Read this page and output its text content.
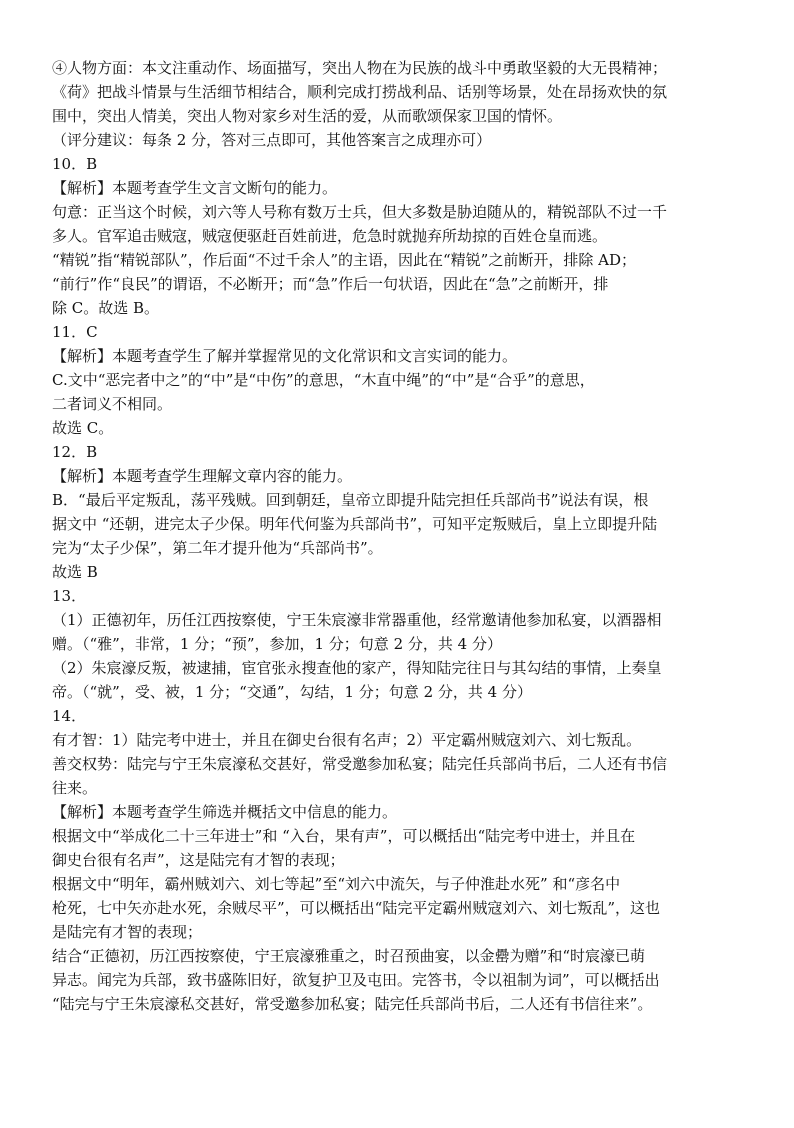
④人物方面：本文注重动作、场面描写，突出人物在为民族的战斗中勇敢坚毅的大无畏精神；
《荷》把战斗情景与生活细节相结合，顺利完成打捞战利品、话别等场景，处在昂扬欢快的氛
围中，突出人情美，突出人物对家乡对生活的爱，从而歌颂保家卫国的情怀。
（评分建议：每条 2 分，答对三点即可，其他答案言之成理亦可）
10．B
【解析】本题考查学生文言文断句的能力。
句意：正当这个时候，刘六等人号称有数万士兵，但大多数是胁迫随从的，精锐部队不过一千
多人。官军追击贼寇，贼寇便驱赶百姓前进，危急时就抛弃所劫掠的百姓仓皇而逃。
“精锐”指“精锐部队”，作后面“不过千余人”的主语，因此在“精锐”之前断开，排除 AD；
“前行”作“良民”的谓语，不必断开；而“急”作后一句状语，因此在“急”之前断开，排
除 C。故选 B。
11．C
【解析】本题考查学生了解并掌握常见的文化常识和文言实词的能力。
C.文中“恶完者中之”的“中”是“中伤”的意思，“木直中绳”的“中”是“合乎”的意思，
二者词义不相同。
故选 C。
12．B
【解析】本题考查学生理解文章内容的能力。
B．“最后平定叛乱，荡平残贼。回到朝廷，皇帝立即提升陆完担任兵部尚书”说法有误，根
据文中 “还朝，进完太子少保。明年代何鉴为兵部尚书”，可知平定叛贼后，皇上立即提升陆
完为“太子少保”，第二年才提升他为“兵部尚书”。
故选 B
13．
（1）正德初年，历任江西按察使，宁王朱宸濠非常器重他，经常邀请他参加私宴，以酒器相
赠。（“雅”，非常，1 分；“预”，参加，1 分；句意 2 分，共 4 分）
（2）朱宸濠反叛，被逮捕，宦官张永搜查他的家产，得知陆完往日与其勾结的事情，上奏皇
帝。（“就”，受、被，1 分；“交通”，勾结，1 分；句意 2 分，共 4 分）
14．
有才智：1）陆完考中进士，并且在御史台很有名声；2）平定霸州贼寇刘六、刘七叛乱。
善交权势：陆完与宁王朱宸濠私交甚好，常受邀参加私宴；陆完任兵部尚书后，二人还有书信
往来。
【解析】本题考查学生筛选并概括文中信息的能力。
根据文中“举成化二十三年进士”和 “入台，果有声”，可以概括出“陆完考中进士，并且在
御史台很有名声”，这是陆完有才智的表现；
根据文中“明年，霸州贼刘六、刘七等起”至“刘六中流矢，与子仲淮赴水死” 和“彦名中
枪死，七中矢亦赴水死，余贼尽平”，可以概括出“陆完平定霸州贼寇刘六、刘七叛乱”，这也
是陆完有才智的表现；
结合“正德初，历江西按察使，宁王宸濠雅重之，时召预曲宴，以金罍为赠”和“时宸濠已萌
异志。闻完为兵部，致书盛陈旧好，欲复护卫及屯田。完答书，令以祖制为词”，可以概括出
“陆完与宁王朱宸濠私交甚好，常受邀参加私宴；陆完任兵部尚书后，二人还有书信往来”。
